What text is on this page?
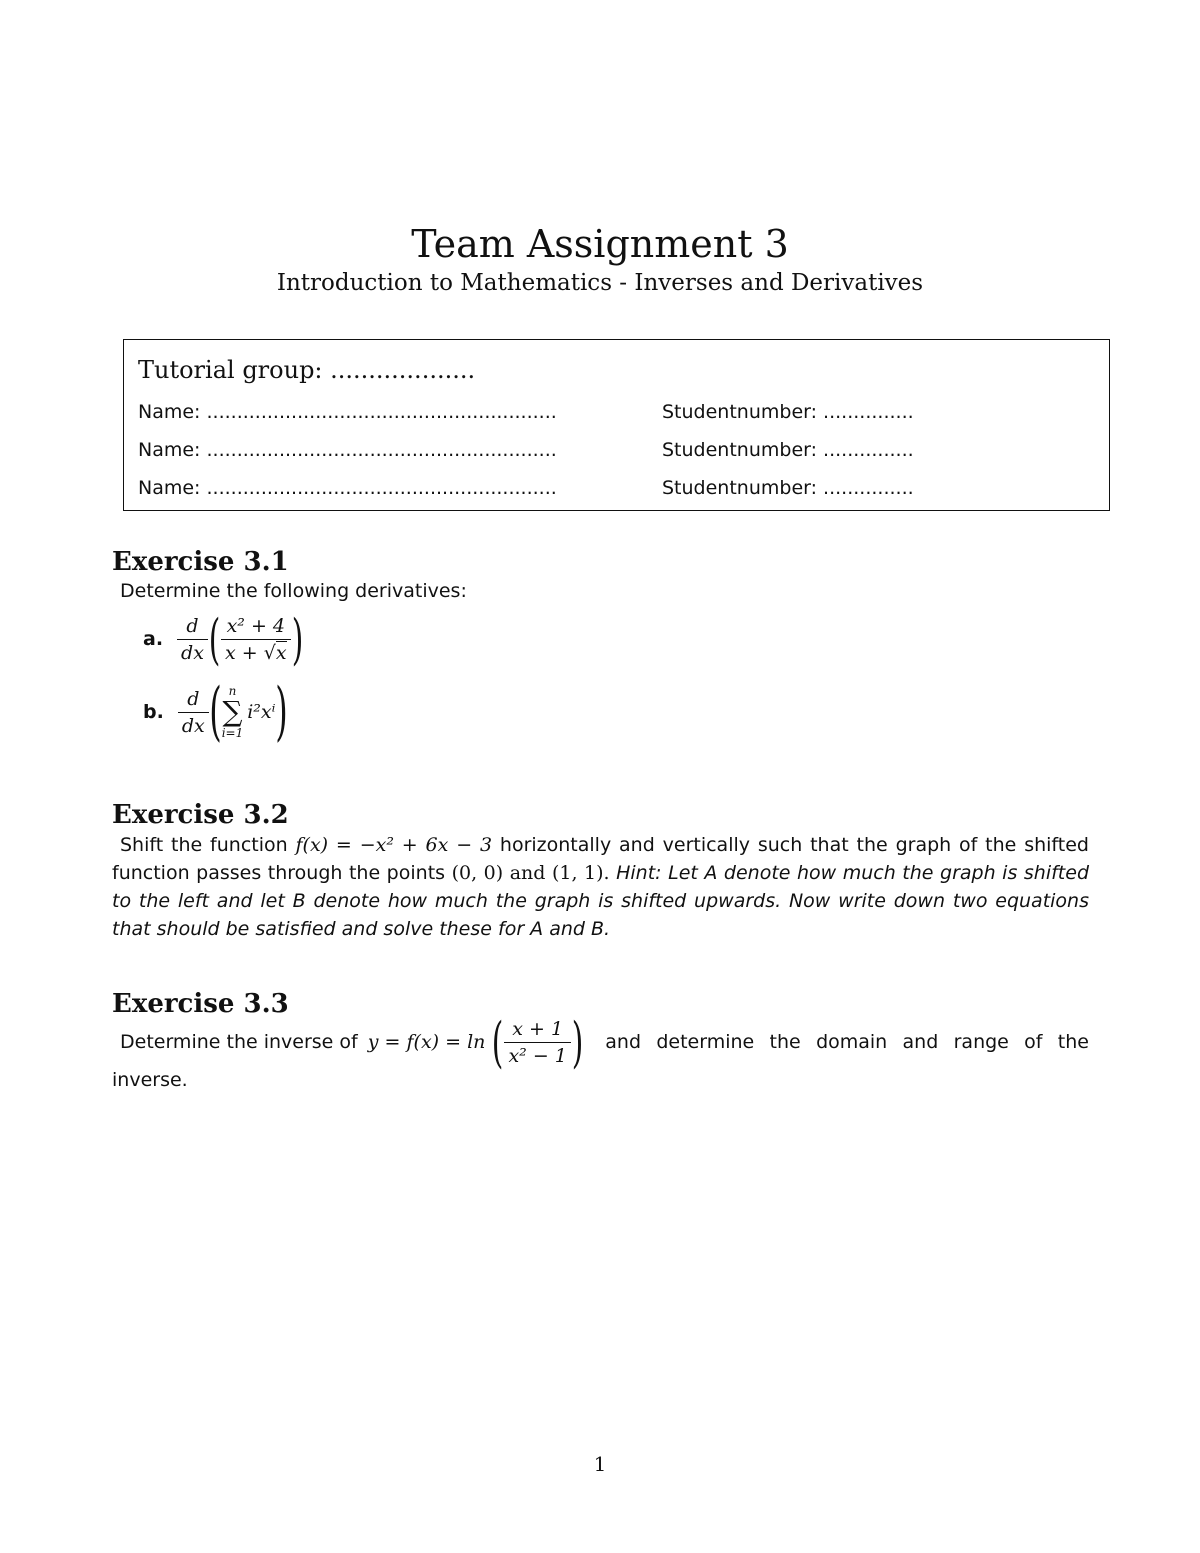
Team Assignment 3
Introduction to Mathematics - Inverses and Derivatives
Tutorial group: ...................
Name: ..........................................................	Studentnumber: ...............
Name: ..........................................................	Studentnumber: ...............
Name: ..........................................................	Studentnumber: ...............
Exercise 3.1
Determine the following derivatives:
a. $\frac{d}{dx}$ ( $\frac{\text{x² + 4}}{x + √x}$ )
b. $\frac{d}{dx}$ ( n
∑
i=1
i²xⁱ )
Exercise 3.2
Shift the function f(x) = −x² + 6x − 3 horizontally and vertically such that the graph of the shifted function passes through the points (0, 0) and (1, 1). Hint: Let A denote how much the graph is shifted to the left and let B denote how much the graph is shifted upwards. Now write down two equations that should be satisfied and solve these for A and B.
Exercise 3.3
Determine the inverse of y = f(x) = ln ( $\frac{x + 1}{\text{x² − 1}}$ ) and determine the domain and range of the
inverse.
1
